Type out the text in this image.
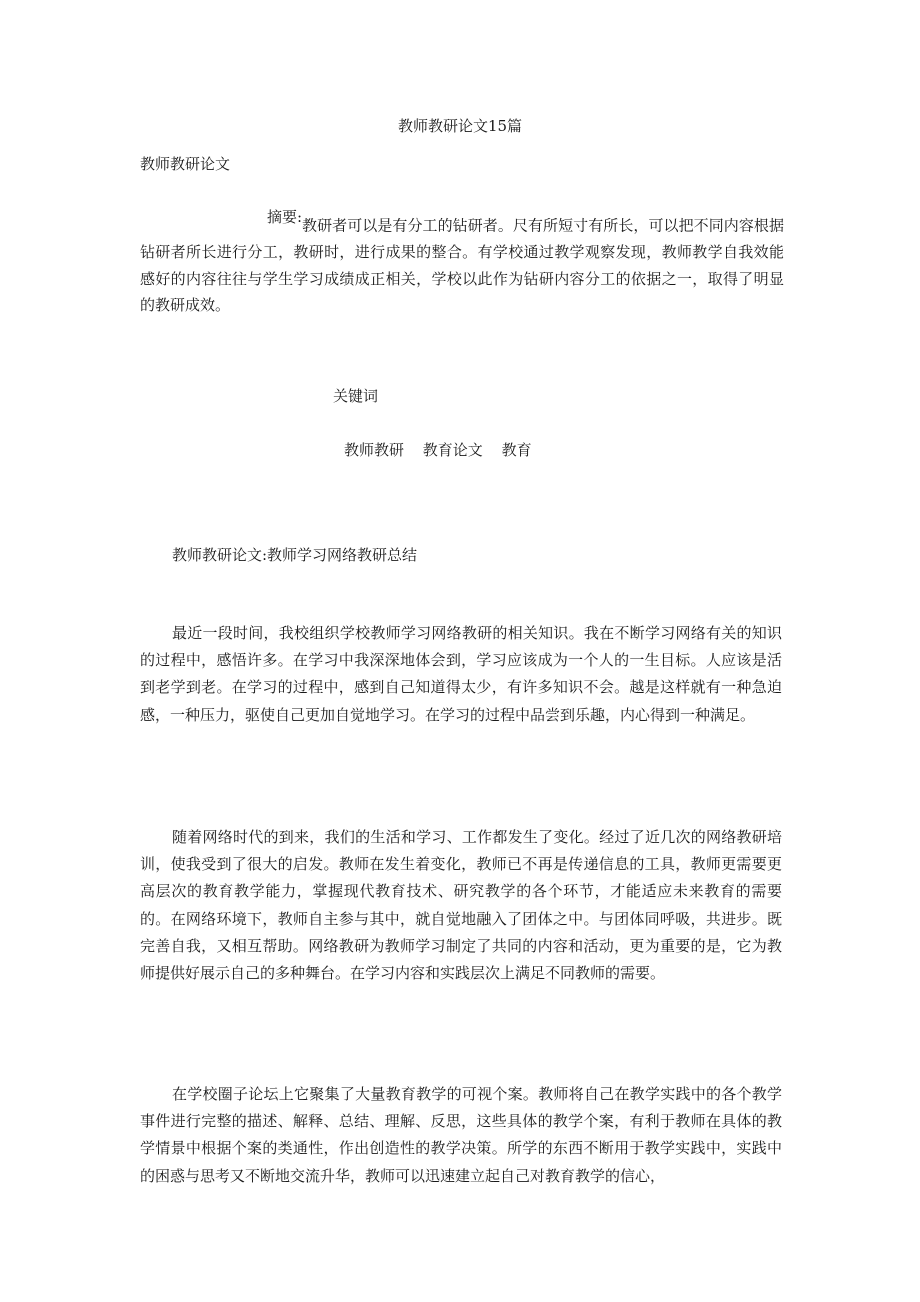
教师教研论文15篇
教师教研论文
摘要: 教研者可以是有分工的钻研者。尺有所短寸有所长，可以把不同内容根据钻研者所长进行分工，教研时，进行成果的整合。有学校通过教学观察发现，教师教学自我效能感好的内容往往与学生学习成绩成正相关，学校以此作为钻研内容分工的依据之一，取得了明显的教研成效。
关键词
教师教研 教育论文 教育
教师教研论文:教师学习网络教研总结

最近一段时间，我校组织学校教师学习网络教研的相关知识。我在不断学习网络有关的知识的过程中，感悟许多。在学习中我深深地体会到，学习应该成为一个人的一生目标。人应该是活到老学到老。在学习的过程中，感到自己知道得太少，有许多知识不会。越是这样就有一种急迫感，一种压力，驱使自己更加自觉地学习。在学习的过程中品尝到乐趣，内心得到一种满足。

随着网络时代的到来，我们的生活和学习、工作都发生了变化。经过了近几次的网络教研培训，使我受到了很大的启发。教师在发生着变化，教师已不再是传递信息的工具，教师更需要更高层次的教育教学能力，掌握现代教育技术、研究教学的各个环节，才能适应未来教育的需要的。在网络环境下，教师自主参与其中，就自觉地融入了团体之中。与团体同呼吸，共进步。既完善自我，又相互帮助。网络教研为教师学习制定了共同的内容和活动，更为重要的是，它为教师提供好展示自己的多种舞台。在学习内容和实践层次上满足不同教师的需要。

在学校圈子论坛上它聚集了大量教育教学的可视个案。教师将自己在教学实践中的各个教学事件进行完整的描述、解释、总结、理解、反思，这些具体的教学个案，有利于教师在具体的教学情景中根据个案的类通性，作出创造性的教学决策。所学的东西不断用于教学实践中，实践中的困惑与思考又不断地交流升华，教师可以迅速建立起自己对教育教学的信心，
